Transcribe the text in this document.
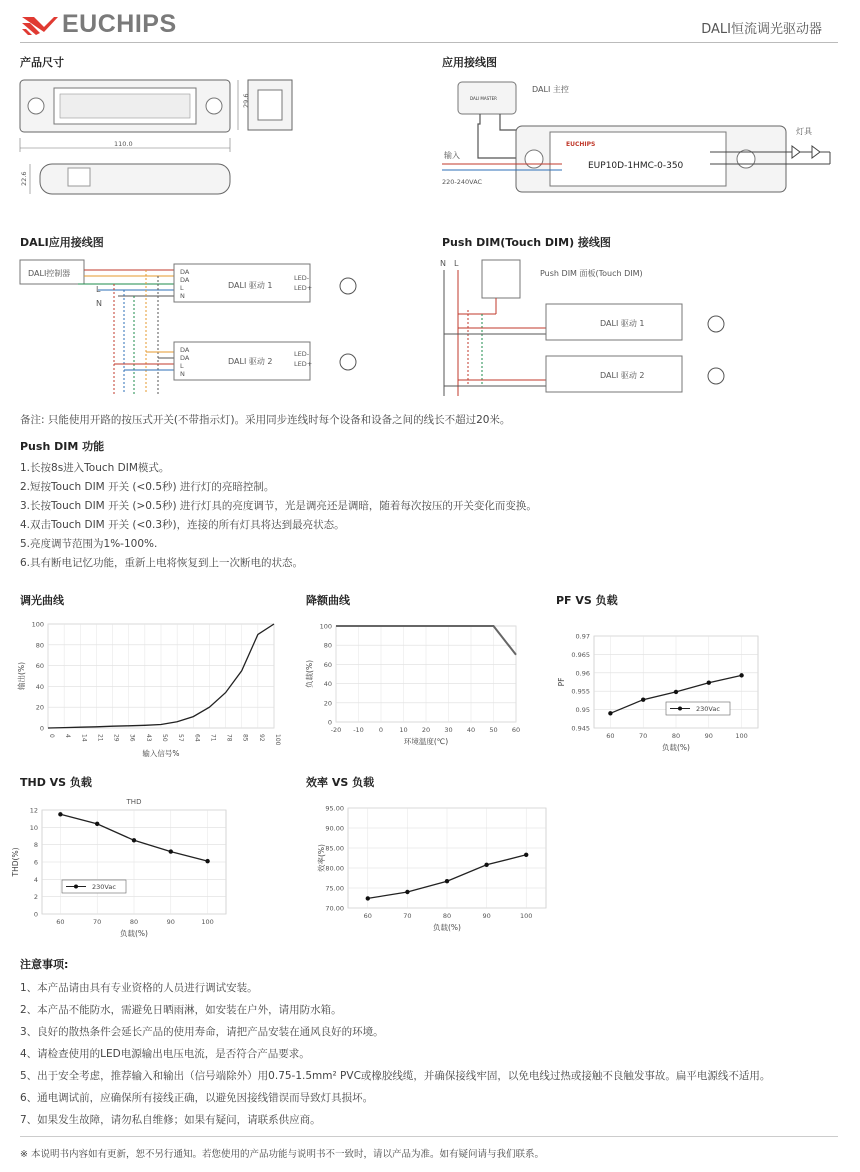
EUCHIPS	DALI恒流调光驱动器
产品尺寸	应用接线图
110.0
29.6
22.6
DALI MASTER
DALI 主控
EUCHIPS
EUP10D-1HMC-0-350
输入
220-240VAC
灯具
DALI应用接线图	Push DIM(Touch DIM) 接线图
DALI控制器
L
N
DA
DA
L
N
DALI 驱动 1
LED-
LED+
DA
DA
L
N
DALI 驱动 2
LED-
LED+
N L
Push DIM 面板(Touch DIM)
DALI 驱动 1
DALI 驱动 2
备注: 只能使用开路的按压式开关(不带指示灯)。采用同步连线时每个设备和设备之间的线长不超过20米。
Push DIM 功能
1.长按8s进入Touch DIM模式。
2.短按Touch DIM 开关 (<0.5秒) 进行灯的亮暗控制。
3.长按Touch DIM 开关 (>0.5秒) 进行灯具的亮度调节，光是调亮还是调暗，随着每次按压的开关变化而变换。
4.双击Touch DIM 开关 (<0.3秒)，连接的所有灯具将达到最亮状态。
5.亮度调节范围为1%-100%.
6.具有断电记忆功能，重新上电将恢复到上一次断电的状态。
调光曲线	降额曲线	PF VS 负载
THD VS 负载	效率 VS 负载
0
20
40
60
80
100
0 4 14 21 29 36 43 50 57 64 71 78 85 92 100
输入信号%
输出(%)
0
20
40
60
80
100
-20 -10 0	10 20 30 40 50 60
环境温度(℃)
负载(%)
0.945
0.95
0.955
0.96
0.965
0.97
60	70	80	90	100
负载(%)
PF
230Vac
0
2
4
6
8
10
12
60	70	80	90	100
负载(%)
THD(%)
THD
230Vac
70.00
75.00
80.00
85.00
90.00
95.00
60	70	80	90	100
负载(%)
效率(%)
注意事项:
1、本产品请由具有专业资格的人员进行调试安装。
2、本产品不能防水，需避免日晒雨淋，如安装在户外，请用防水箱。
3、良好的散热条件会延长产品的使用寿命，请把产品安装在通风良好的环境。
4、请检查使用的LED电源输出电压电流，是否符合产品要求。
5、出于安全考虑，推荐输入和输出（信号端除外）用0.75-1.5mm² PVC或橡胶线缆，并确保接线牢固，以免电线过热或接触不良触发事故。扁平电源线不适用。
6、通电调试前，应确保所有接线正确，以避免因接线错误而导致灯具损坏。
7、如果发生故障，请勿私自维修；如果有疑问，请联系供应商。
※ 本说明书内容如有更新，恕不另行通知。若您使用的产品功能与说明书不一致时，请以产品为准。如有疑问请与我们联系。
